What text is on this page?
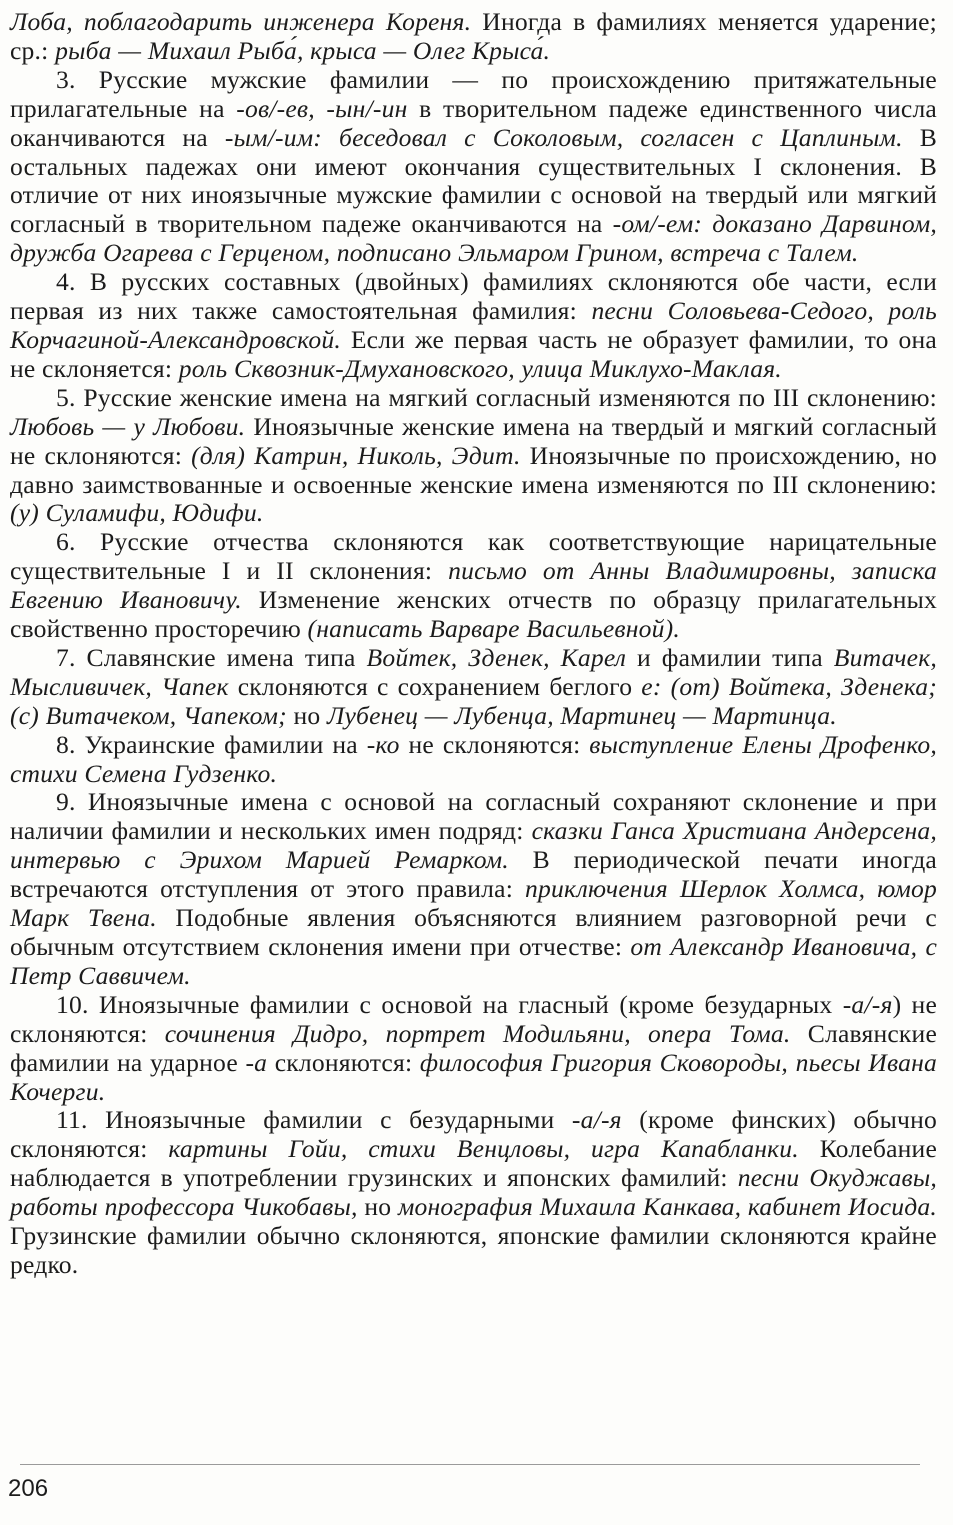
Лоба, поблагодарить инженера Кореня. Иногда в фамилиях меняется ударение; ср.: рыба — Михаил Рыба́, крыса — Олег Крыса́.

3. Русские мужские фамилии — по происхождению притяжательные прилагательные на -ов/-ев, -ын/-ин в творительном падеже единственного числа оканчиваются на -ым/-им: беседовал с Соколовым, согласен с Цаплиным. В остальных падежах они имеют окончания существительных I склонения. В отличие от них иноязычные мужские фамилии с основой на твердый или мягкий согласный в творительном падеже оканчиваются на -ом/-ем: доказано Дарвином, дружба Огарева с Герценом, подписано Эльмаром Грином, встреча с Талем.

4. В русских составных (двойных) фамилиях склоняются обе части, если первая из них также самостоятельная фамилия: песни Соловьева-Седого, роль Корчагиной-Александровской. Если же первая часть не образует фамилии, то она не склоняется: роль Сквозник-Дмухановского, улица Миклухо-Маклая.

5. Русские женские имена на мягкий согласный изменяются по III склонению: Любовь — у Любови. Иноязычные женские имена на твердый и мягкий согласный не склоняются: (для) Катрин, Николь, Эдит. Иноязычные по происхождению, но давно заимствованные и освоенные женские имена изменяются по III склонению: (у) Суламифи, Юдифи.

6. Русские отчества склоняются как соответствующие нарицательные существительные I и II склонения: письмо от Анны Владимировны, записка Евгению Ивановичу. Изменение женских отчеств по образцу прилагательных свойственно просторечию (написать Варваре Васильевной).

7. Славянские имена типа Войтек, Зденек, Карел и фамилии типа Витачек, Мысливичек, Чапек склоняются с сохранением беглого е: (от) Войтека, Зденека; (с) Витачеком, Чапеком; но Лубенец — Лубенца, Мартинец — Мартинца.

8. Украинские фамилии на -ко не склоняются: выступление Елены Дрофенко, стихи Семена Гудзенко.

9. Иноязычные имена с основой на согласный сохраняют склонение и при наличии фамилии и нескольких имен подряд: сказки Ганса Христиана Андерсена, интервью с Эрихом Марией Ремарком. В периодической печати иногда встречаются отступления от этого правила: приключения Шерлок Холмса, юмор Марк Твена. Подобные явления объясняются влиянием разговорной речи с обычным отсутствием склонения имени при отчестве: от Александр Ивановича, с Петр Саввичем.

10. Иноязычные фамилии с основой на гласный (кроме безударных -а/-я) не склоняются: сочинения Дидро, портрет Модильяни, опера Тома. Славянские фамилии на ударное -а склоняются: философия Григория Сковороды, пьесы Ивана Кочерги.

11. Иноязычные фамилии с безударными -а/-я (кроме финских) обычно склоняются: картины Гойи, стихи Венцловы, игра Капабланки. Колебание наблюдается в употреблении грузинских и японских фамилий: песни Окуджавы, работы профессора Чикобавы, но монография Михаила Канкава, кабинет Иосида. Грузинские фамилии обычно склоняются, японские фамилии склоняются крайне редко.

206
